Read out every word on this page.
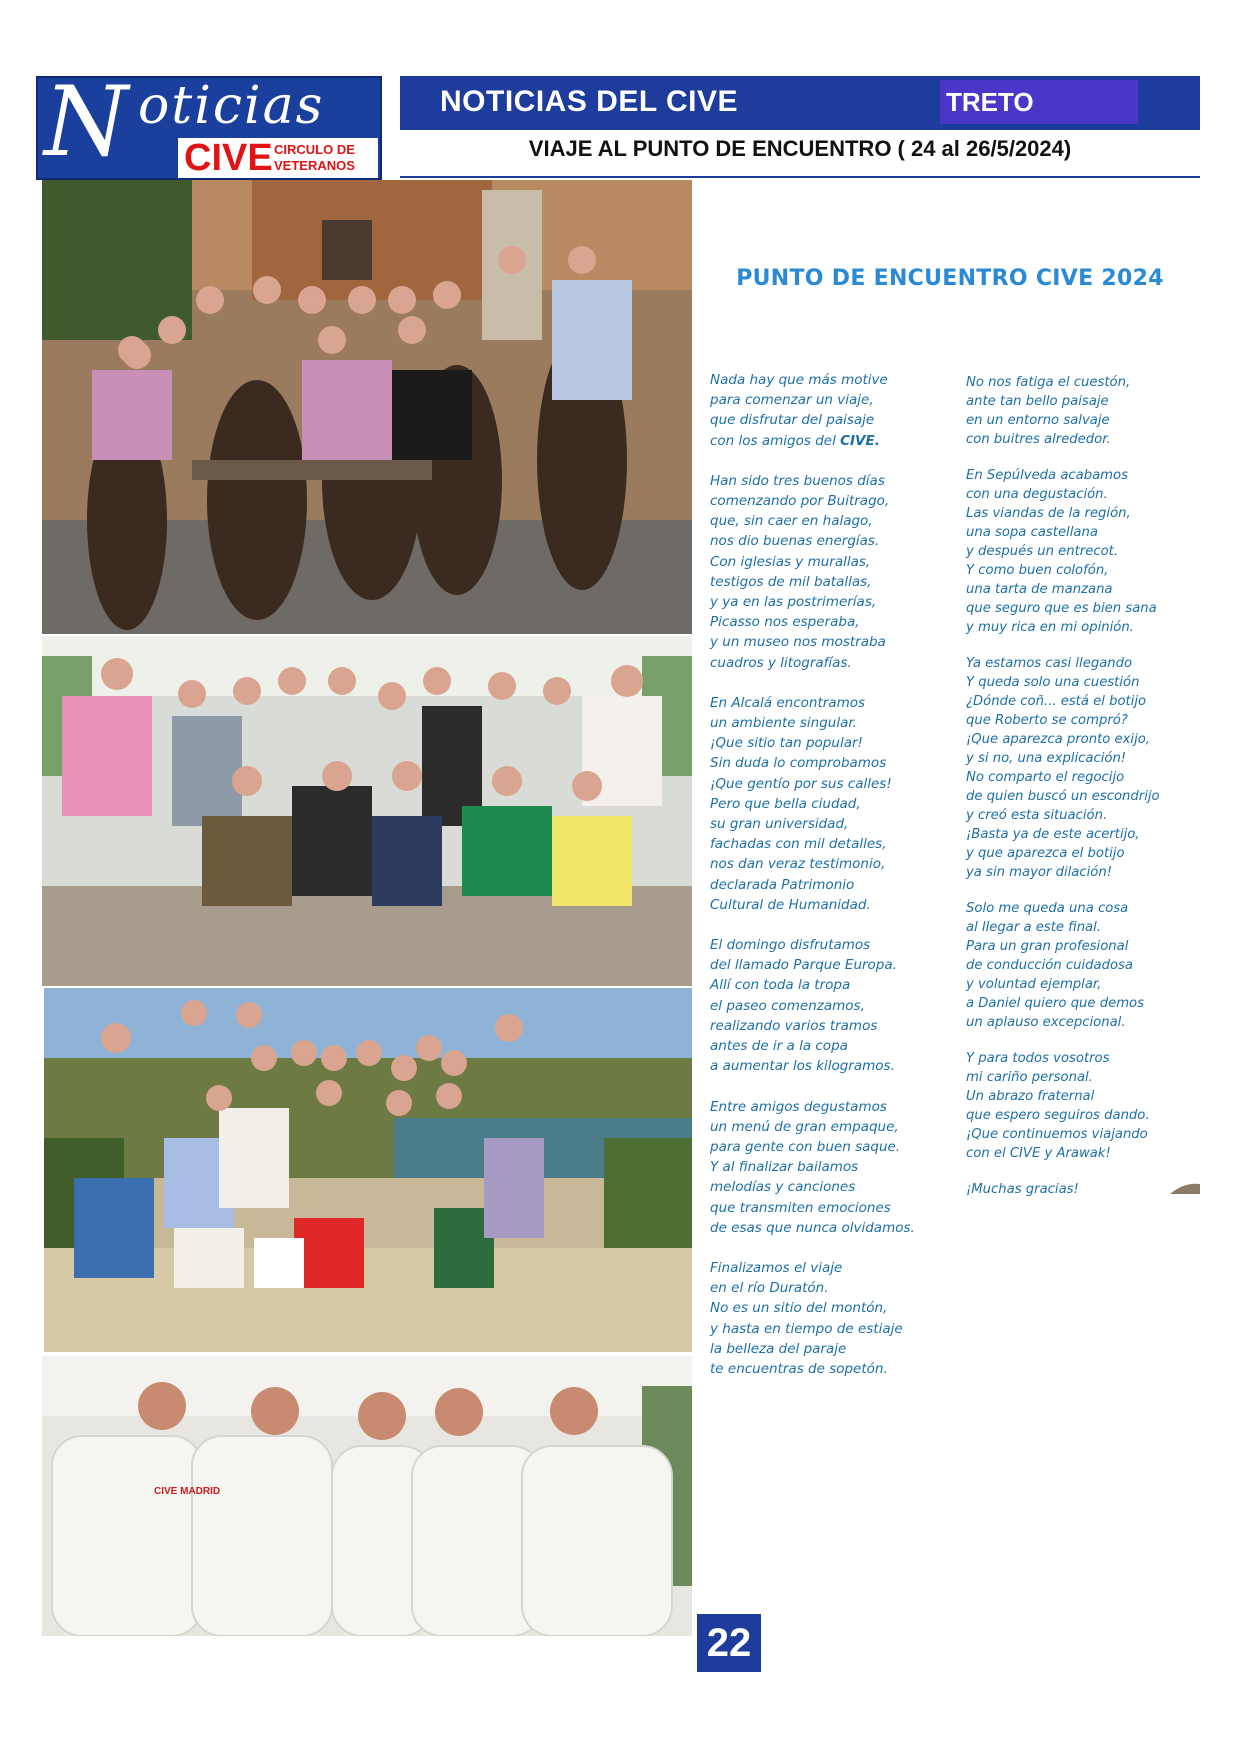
N oticias
CIVE CIRCULO DE
VETERANOS
NOTICIAS DEL CIVE	TRETO
VIAJE AL PUNTO DE ENCUENTRO ( 24 al 26/5/2024)
CIVE MADRID
PUNTO DE ENCUENTRO CIVE 2024
Nada hay que más motive
para comenzar un viaje,
que disfrutar del paisaje
con los amigos del CIVE.
Han sido tres buenos días
comenzando por Buitrago,
que, sin caer en halago,
nos dio buenas energías.
Con iglesias y murallas,
testigos de mil batallas,
y ya en las postrimerías,
Picasso nos esperaba,
y un museo nos mostraba
cuadros y litografías.
En Alcalá encontramos
un ambiente singular.
¡Que sitio tan popular!
Sin duda lo comprobamos
¡Que gentío por sus calles!
Pero que bella ciudad,
su gran universidad,
fachadas con mil detalles,
nos dan veraz testimonio,
declarada Patrimonio
Cultural de Humanidad.
El domingo disfrutamos
del llamado Parque Europa.
Allí con toda la tropa
el paseo comenzamos,
realizando varios tramos
antes de ir a la copa
a aumentar los kilogramos.
Entre amigos degustamos
un menú de gran empaque,
para gente con buen saque.
Y al finalizar bailamos
melodías y canciones
que transmiten emociones
de esas que nunca olvidamos.
Finalizamos el viaje
en el río Duratón.
No es un sitio del montón,
y hasta en tiempo de estiaje
la belleza del paraje
te encuentras de sopetón.
No nos fatiga el cuestón,
ante tan bello paisaje
en un entorno salvaje
con buitres alrededor.
En Sepúlveda acabamos
con una degustación.
Las viandas de la región,
una sopa castellana
y después un entrecot.
Y como buen colofón,
una tarta de manzana
que seguro que es bien sana
y muy rica en mi opinión.
Ya estamos casi llegando
Y queda solo una cuestión
¿Dónde coñ... está el botijo
que Roberto se compró?
¡Que aparezca pronto exijo,
y si no, una explicación!
No comparto el regocijo
de quien buscó un escondrijo
y creó esta situación.
¡Basta ya de este acertijo,
y que aparezca el botijo
ya sin mayor dilación!
Solo me queda una cosa
al llegar a este final.
Para un gran profesional
de conducción cuidadosa
y voluntad ejemplar,
a Daniel quiero que demos
un aplauso excepcional.
Y para todos vosotros
mi cariño personal.
Un abrazo fraternal
que espero seguiros dando.
¡Que continuemos viajando
con el CIVE y Arawak!
¡Muchas gracias!
22
